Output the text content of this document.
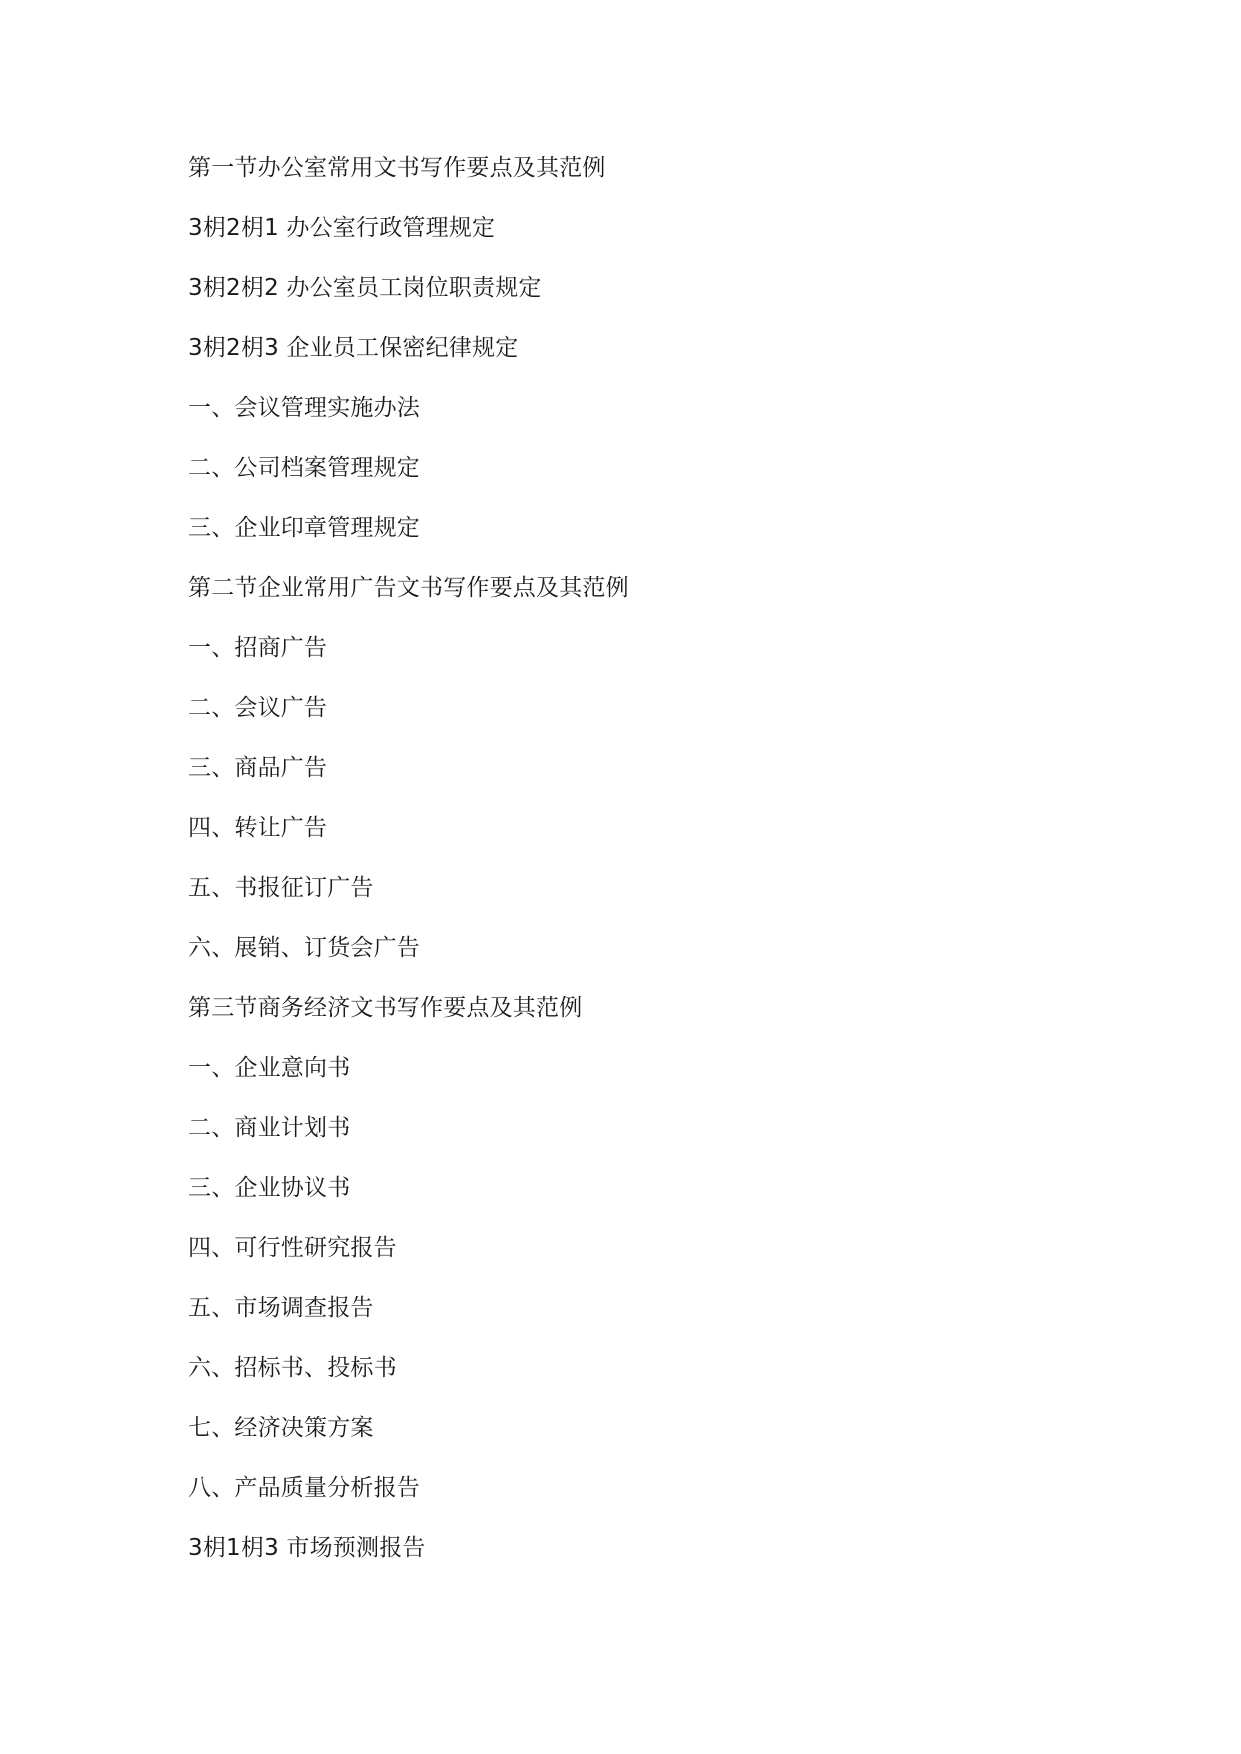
第一节办公室常用文书写作要点及其范例
3枂2枂1 办公室行政管理规定
3枂2枂2 办公室员工岗位职责规定
3枂2枂3 企业员工保密纪律规定
一、会议管理实施办法
二、公司档案管理规定
三、企业印章管理规定
第二节企业常用广告文书写作要点及其范例
一、招商广告
二、会议广告
三、商品广告
四、转让广告
五、书报征订广告
六、展销、订货会广告
第三节商务经济文书写作要点及其范例
一、企业意向书
二、商业计划书
三、企业协议书
四、可行性研究报告
五、市场调查报告
六、招标书、投标书
七、经济决策方案
八、产品质量分析报告
3枂1枂3 市场预测报告
